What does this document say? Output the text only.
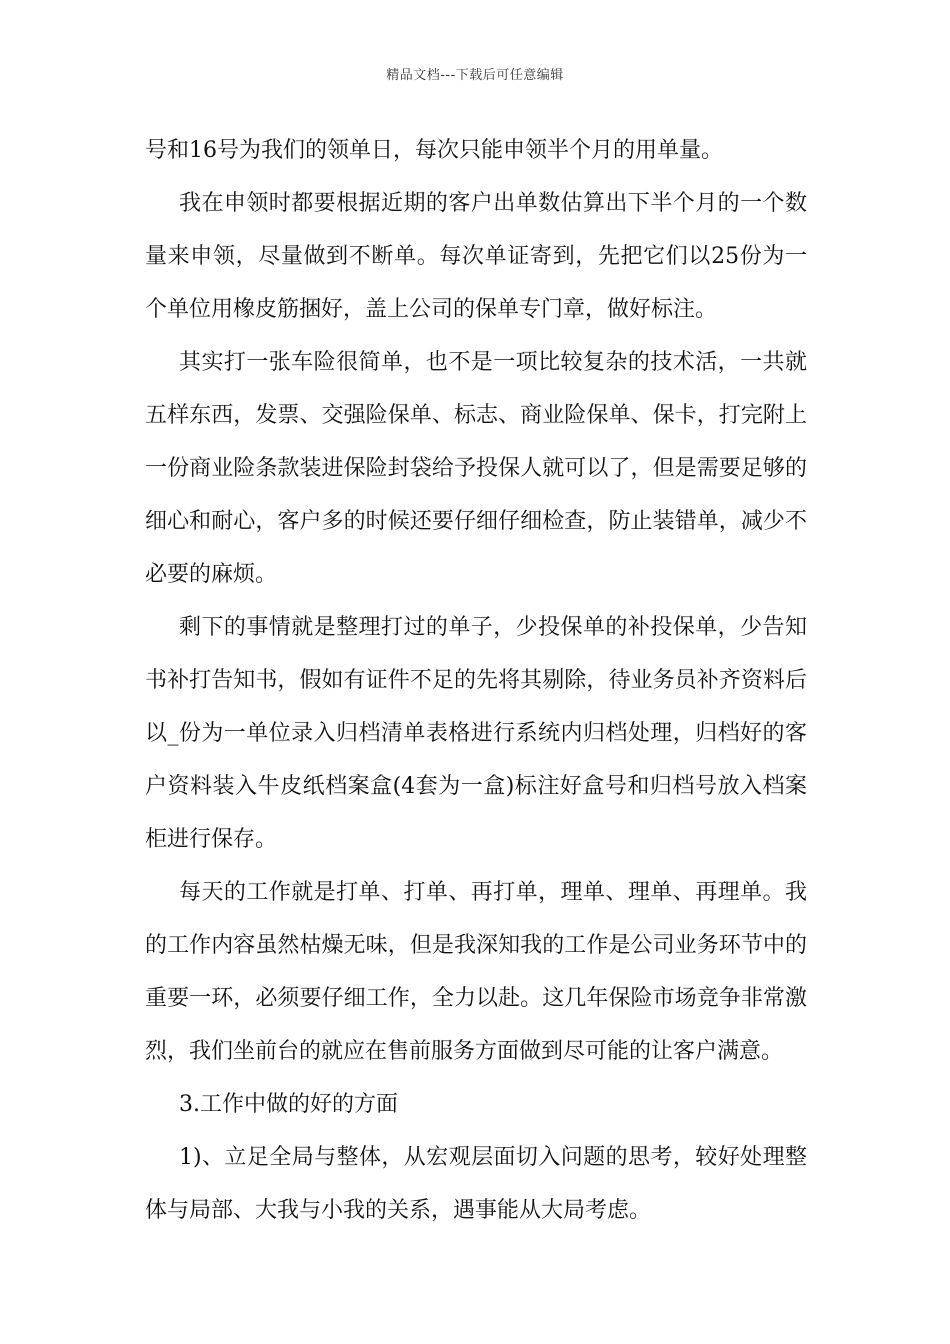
精品文档---下载后可任意编辑

号和16号为我们的领单日，每次只能申领半个月的用单量。

我在申领时都要根据近期的客户出单数估算出下半个月的一个数量来申领，尽量做到不断单。每次单证寄到，先把它们以25份为一个单位用橡皮筋捆好，盖上公司的保单专门章，做好标注。

其实打一张车险很简单，也不是一项比较复杂的技术活，一共就五样东西，发票、交强险保单、标志、商业险保单、保卡，打完附上一份商业险条款装进保险封袋给予投保人就可以了，但是需要足够的细心和耐心，客户多的时候还要仔细仔细检查，防止装错单，减少不必要的麻烦。

剩下的事情就是整理打过的单子，少投保单的补投保单，少告知书补打告知书，假如有证件不足的先将其剔除，待业务员补齐资料后以_份为一单位录入归档清单表格进行系统内归档处理，归档好的客户资料装入牛皮纸档案盒(4套为一盒)标注好盒号和归档号放入档案柜进行保存。

每天的工作就是打单、打单、再打单，理单、理单、再理单。我的工作内容虽然枯燥无味，但是我深知我的工作是公司业务环节中的重要一环，必须要仔细工作，全力以赴。这几年保险市场竞争非常激烈，我们坐前台的就应在售前服务方面做到尽可能的让客户满意。

3.工作中做的好的方面

1)、立足全局与整体，从宏观层面切入问题的思考，较好处理整体与局部、大我与小我的关系，遇事能从大局考虑。
